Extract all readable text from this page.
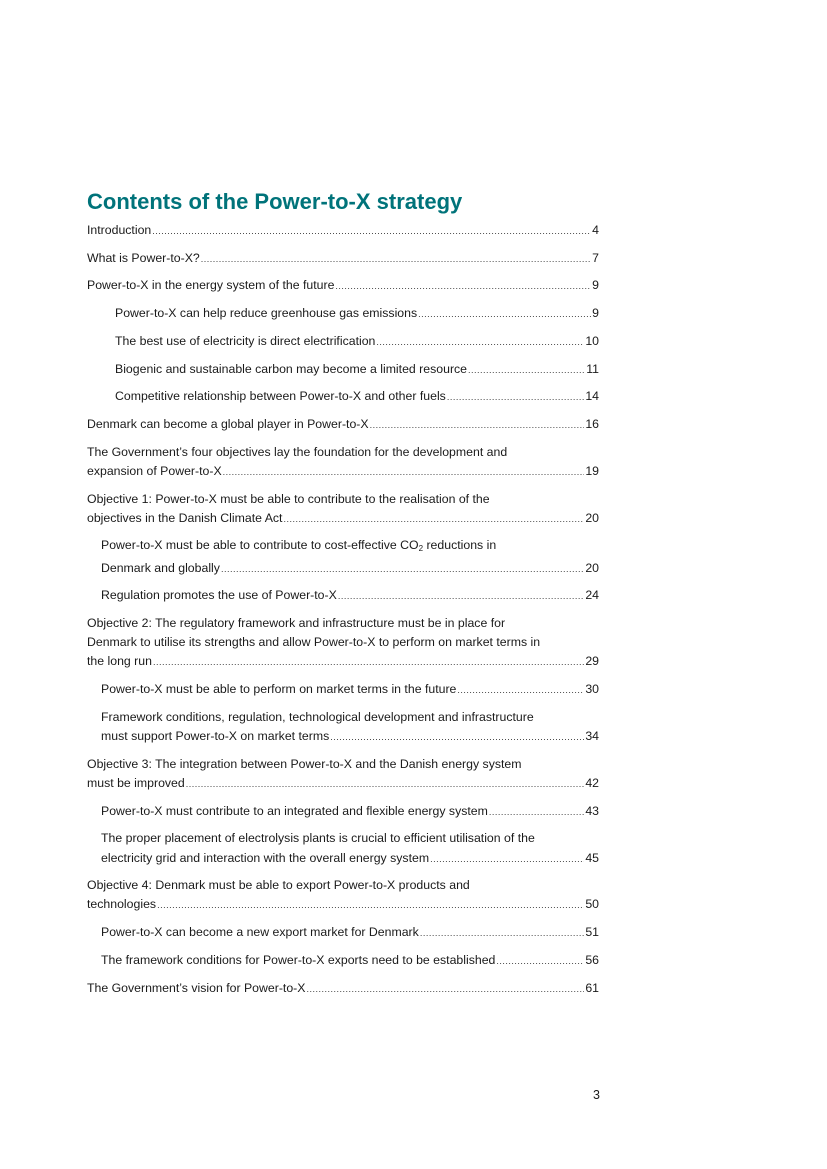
Contents of the Power-to-X strategy
Introduction .....	4
What is Power-to-X? .....	7
Power-to-X in the energy system of the future .....	9
Power-to-X can help reduce greenhouse gas emissions .....	9
The best use of electricity is direct electrification .....	10
Biogenic and sustainable carbon may become a limited resource .....	11
Competitive relationship between Power-to-X and other fuels .....	14
Denmark can become a global player in Power-to-X .....	16
The Government’s four objectives lay the foundation for the development and
expansion of Power-to-X .....	19
Objective 1: Power-to-X must be able to contribute to the realisation of the
objectives in the Danish Climate Act .....	20
Power-to-X must be able to contribute to cost-effective $CO_2$ reductions in
Denmark and globally .....	20
Regulation promotes the use of Power-to-X .....	24
Objective 2: The regulatory framework and infrastructure must be in place for
Denmark to utilise its strengths and allow Power-to-X to perform on market terms in
the long run .....	29
Power-to-X must be able to perform on market terms in the future .....	30
Framework conditions, regulation, technological development and infrastructure
must support Power-to-X on market terms .....	34
Objective 3: The integration between Power-to-X and the Danish energy system
must be improved .....	42
Power-to-X must contribute to an integrated and flexible energy system .....	43
The proper placement of electrolysis plants is crucial to efficient utilisation of the
electricity grid and interaction with the overall energy system .....	45
Objective 4: Denmark must be able to export Power-to-X products and
technologies .....	50
Power-to-X can become a new export market for Denmark .....	51
The framework conditions for Power-to-X exports need to be established .....	56
The Government’s vision for Power-to-X .....	61
3
